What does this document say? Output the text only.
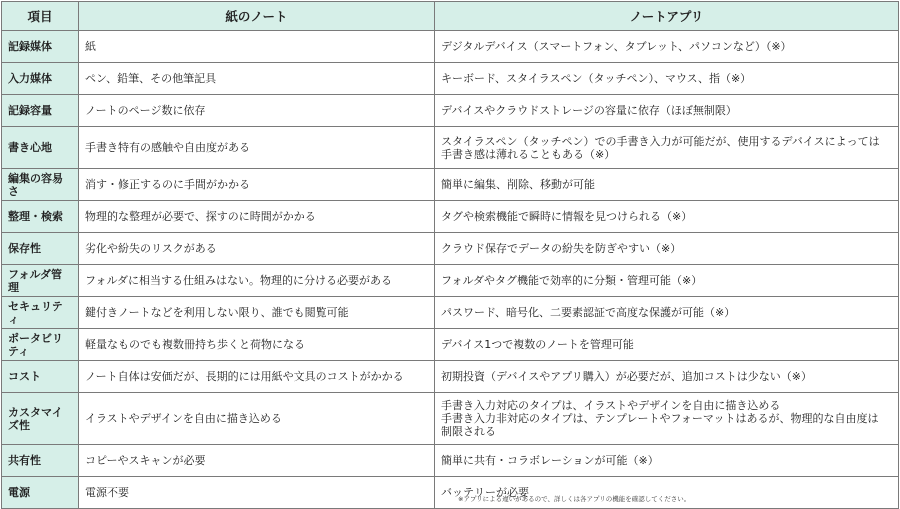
項目	紙のノート	ノートアプリ
記録媒体	紙	デジタルデバイス（スマートフォン、タブレット、パソコンなど）（※）

入力媒体	ペン、鉛筆、その他筆記具	キーボード、スタイラスペン（タッチペン）、マウス、指（※）

記録容量	ノートのページ数に依存	デバイスやクラウドストレージの容量に依存（ほぼ無制限）

書き心地	手書き特有の感触や自由度がある	スタイラスペン（タッチペン）での手書き入力が可能だが、使用するデバイスによっては
手書き感は薄れることもある（※）

編集の容易さ	消す・修正するのに手間がかかる	簡単に編集、削除、移動が可能

整理・検索	物理的な整理が必要で、探すのに時間がかかる	タグや検索機能で瞬時に情報を見つけられる（※）

保存性	劣化や紛失のリスクがある	クラウド保存でデータの紛失を防ぎやすい（※）

フォルダ管理	フォルダに相当する仕組みはない。物理的に分ける必要がある	フォルダやタグ機能で効率的に分類・管理可能（※）

セキュリティ	鍵付きノートなどを利用しない限り、誰でも閲覧可能	パスワード、暗号化、二要素認証で高度な保護が可能（※）

ポータビリティ	軽量なものでも複数冊持ち歩くと荷物になる	デバイス1つで複数のノートを管理可能

コスト	ノート自体は安価だが、長期的には用紙や文具のコストがかかる	初期投資（デバイスやアプリ購入）が必要だが、追加コストは少ない（※）

カスタマイズ性	イラストやデザインを自由に描き込める	手書き入力対応のタイプは、イラストやデザインを自由に描き込める
手書き入力非対応のタイプは、テンプレートやフォーマットはあるが、物理的な自由度は
制限される

共有性	コピーやスキャンが必要	簡単に共有・コラボレーションが可能（※）

電源	電源不要	バッテリーが必要
※アプリによる違いがあるので、詳しくは各アプリの機能を確認してください。
